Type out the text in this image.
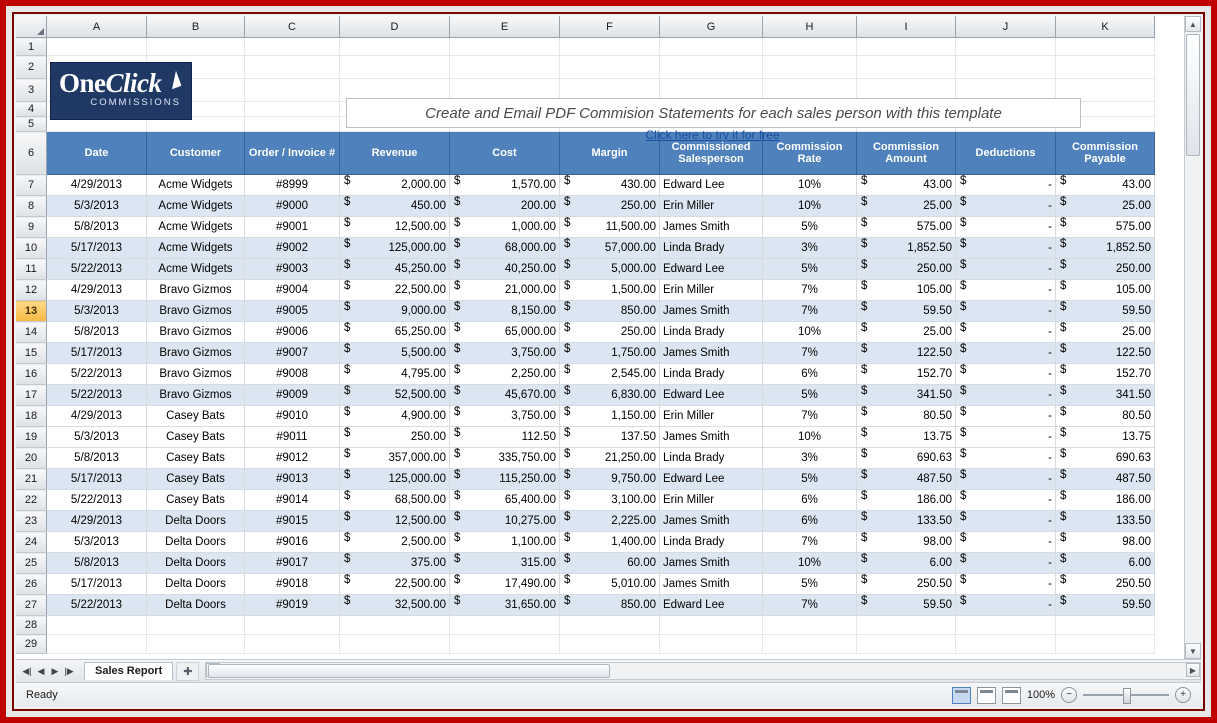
	A	B	C	D	E	F	G	H	I	J	K
1											
2											
3											
4											
5											
6	Date	Customer	Order / Invoice #	Revenue	Cost	Margin	Commissioned Salesperson	Commission Rate	Commission Amount	Deductions	Commission Payable
7	4/29/2013	Acme Widgets	#8999	$ 2,000.00	$ 1,570.00	$ 430.00	Edward Lee	10%	$ 43.00	$ -	$ 43.00
8	5/3/2013	Acme Widgets	#9000	$ 450.00	$ 200.00	$ 250.00	Erin Miller	10%	$ 25.00	$ -	$ 25.00
9	5/8/2013	Acme Widgets	#9001	$ 12,500.00	$ 1,000.00	$ 11,500.00	James Smith	5%	$ 575.00	$ -	$ 575.00
10	5/17/2013	Acme Widgets	#9002	$ 125,000.00	$ 68,000.00	$ 57,000.00	Linda Brady	3%	$ 1,852.50	$ -	$ 1,852.50
11	5/22/2013	Acme Widgets	#9003	$ 45,250.00	$ 40,250.00	$ 5,000.00	Edward Lee	5%	$ 250.00	$ -	$ 250.00
12	4/29/2013	Bravo Gizmos	#9004	$ 22,500.00	$ 21,000.00	$ 1,500.00	Erin Miller	7%	$ 105.00	$ -	$ 105.00
13	5/3/2013	Bravo Gizmos	#9005	$ 9,000.00	$ 8,150.00	$ 850.00	James Smith	7%	$ 59.50	$ -	$ 59.50
14	5/8/2013	Bravo Gizmos	#9006	$ 65,250.00	$ 65,000.00	$ 250.00	Linda Brady	10%	$ 25.00	$ -	$ 25.00
15	5/17/2013	Bravo Gizmos	#9007	$ 5,500.00	$ 3,750.00	$ 1,750.00	James Smith	7%	$ 122.50	$ -	$ 122.50
16	5/22/2013	Bravo Gizmos	#9008	$ 4,795.00	$ 2,250.00	$ 2,545.00	Linda Brady	6%	$ 152.70	$ -	$ 152.70
17	5/22/2013	Bravo Gizmos	#9009	$ 52,500.00	$ 45,670.00	$ 6,830.00	Edward Lee	5%	$ 341.50	$ -	$ 341.50
18	4/29/2013	Casey Bats	#9010	$ 4,900.00	$ 3,750.00	$ 1,150.00	Erin Miller	7%	$ 80.50	$ -	$ 80.50
19	5/3/2013	Casey Bats	#9011	$ 250.00	$ 112.50	$ 137.50	James Smith	10%	$ 13.75	$ -	$ 13.75
20	5/8/2013	Casey Bats	#9012	$ 357,000.00	$ 335,750.00	$ 21,250.00	Linda Brady	3%	$ 690.63	$ -	$ 690.63
21	5/17/2013	Casey Bats	#9013	$ 125,000.00	$ 115,250.00	$ 9,750.00	Edward Lee	5%	$ 487.50	$ -	$ 487.50
22	5/22/2013	Casey Bats	#9014	$ 68,500.00	$ 65,400.00	$ 3,100.00	Erin Miller	6%	$ 186.00	$ -	$ 186.00
23	4/29/2013	Delta Doors	#9015	$ 12,500.00	$ 10,275.00	$ 2,225.00	James Smith	6%	$ 133.50	$ -	$ 133.50
24	5/3/2013	Delta Doors	#9016	$ 2,500.00	$ 1,100.00	$ 1,400.00	Linda Brady	7%	$ 98.00	$ -	$ 98.00
25	5/8/2013	Delta Doors	#9017	$ 375.00	$ 315.00	$ 60.00	James Smith	10%	$ 6.00	$ -	$ 6.00
26	5/17/2013	Delta Doors	#9018	$ 22,500.00	$ 17,490.00	$ 5,010.00	James Smith	5%	$ 250.50	$ -	$ 250.50
27	5/22/2013	Delta Doors	#9019	$ 32,500.00	$ 31,650.00	$ 850.00	Edward Lee	7%	$ 59.50	$ -	$ 59.50
28											
29											
OneClick
COMMISSIONS
Create and Email PDF Commision Statements for each sales person with this template
Click here to try it for free
▲
▼
◀| ◀ ▶ |▶	Sales Report	✚	▶
Ready	100%	−	+
